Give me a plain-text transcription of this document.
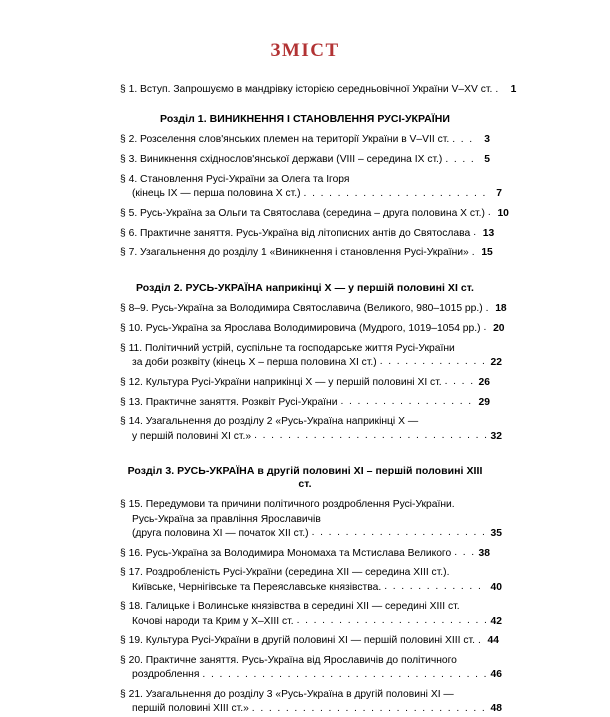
ЗМІСТ
§ 1. Вступ. Запрошуємо в мандрівку історією середньовічної України V–XV ст. . . .	1
Розділ 1. ВИНИКНЕННЯ І СТАНОВЛЕННЯ РУСІ-УКРАЇНИ
§ 2. Розселення слов'янських племен на території України в V–VII ст. . . .	3
§ 3. Виникнення східнослов'янської держави (VIII – середина IX ст.) . . .	5
§ 4. Становлення Русі-України за Олега та Ігоря
(кінець IX — перша половина X ст.) . . .	7
§ 5. Русь-Україна за Ольги та Святослава (середина – друга половина X ст.) . . . 10
§ 6. Практичне заняття. Русь-Україна від літописних антів до Святослава . . . 13
§ 7. Узагальнення до розділу 1 «Виникнення і становлення Русі-України» . . . 15
Розділ 2. РУСЬ-УКРАЇНА наприкінці X — у першій половині XI ст.
§ 8–9. Русь-Україна за Володимира Святославича (Великого, 980–1015 рр.) . . . 18
§ 10. Русь-Україна за Ярослава Володимировича (Мудрого, 1019–1054 рр.) . . . 20
§ 11. Політичний устрій, суспільне та господарське життя Русі-України
за доби розквіту (кінець X – перша половина XI ст.) . . .	22
§ 12. Культура Русі-України наприкінці X — у першій половині XI ст. . . .	26
§ 13. Практичне заняття. Розквіт Русі-України . . .	29
§ 14. Узагальнення до розділу 2 «Русь-Україна наприкінці X —
у першій половині XI ст.» . . .	32
Розділ 3. РУСЬ-УКРАЇНА в другій половині XI – першій половині XIII ст.
§ 15. Передумови та причини політичного роздроблення Русі-України.
Русь-Україна за правління Ярославичів
(друга половина XI — початок XII ст.) . . .	35
§ 16. Русь-Україна за Володимира Мономаха та Мстислава Великого . . .	38
§ 17. Роздробленість Русі-України (середина XII — середина XIII ст.).
Київське, Чернігівське та Переяславське князівства. . . .	40
§ 18. Галицьке і Волинське князівства в середині XII — середині XIII ст.
Кочові народи та Крим у X–XIII ст. . . .	42
§ 19. Культура Русі-України в другій половині XI — першій половині XIII ст. . . . 44
§ 20. Практичне заняття. Русь-Україна від Ярославичів до політичного
роздроблення . . .	46
§ 21. Узагальнення до розділу 3 «Русь-Україна в другій половині XI —
першій половині XIII ст.» . . .	48
